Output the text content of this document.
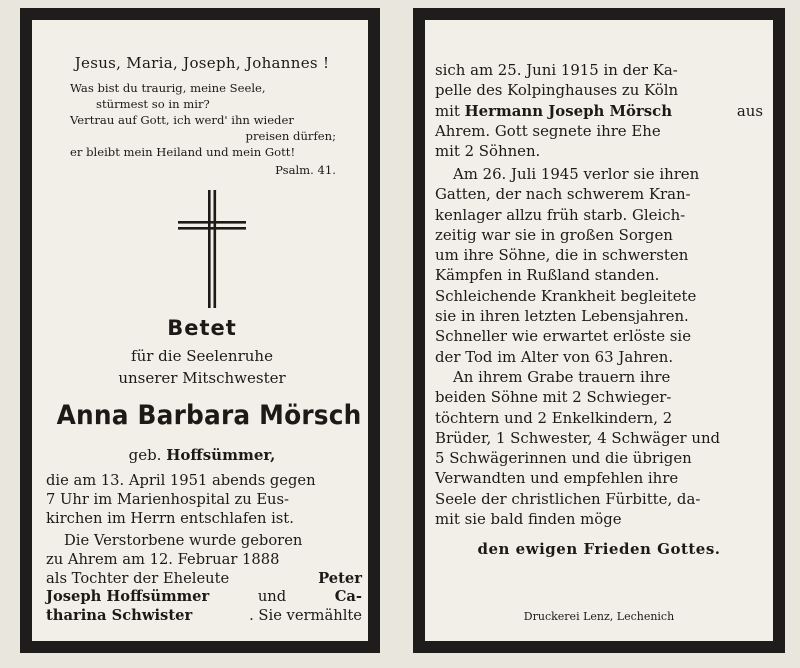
Jesus, Maria, Joseph, Johannes !
Was bist du traurig, meine Seele,
stürmest so in mir?
Vertrau auf Gott, ich werd' ihn wieder
preisen dürfen;
er bleibt mein Heiland und mein Gott!
Psalm. 41.
Betet
für die Seelenruhe
unserer Mitschwester
Anna Barbara Mörsch
geb. Hoffsümmer,
die am 13. April 1951 abends gegen
7 Uhr im Marienhospital zu Eus-
kirchen im Herrn entschlafen ist.
Die Verstorbene wurde geboren
zu Ahrem am 12. Februar 1888
als Tochter der Eheleute	Peter
Joseph Hoffsümmer	und	Ca-
tharina Schwister	. Sie vermählte
sich am 25. Juni 1915 in der Ka-
pelle des Kolpinghauses zu Köln
mit Hermann Joseph Mörsch	aus
Ahrem. Gott segnete ihre Ehe
mit 2 Söhnen.
Am 26. Juli 1945 verlor sie ihren
Gatten, der nach schwerem Kran-
kenlager allzu früh starb. Gleich-
zeitig war sie in großen Sorgen
um ihre Söhne, die in schwersten
Kämpfen in Rußland standen.
Schleichende Krankheit begleitete
sie in ihren letzten Lebensjahren.
Schneller wie erwartet erlöste sie
der Tod im Alter von 63 Jahren.
An ihrem Grabe trauern ihre
beiden Söhne mit 2 Schwieger-
töchtern und 2 Enkelkindern, 2
Brüder, 1 Schwester, 4 Schwäger und
5 Schwägerinnen und die übrigen
Verwandten und empfehlen ihre
Seele der christlichen Fürbitte, da-
mit sie bald finden möge
den ewigen Frieden Gottes.
Druckerei Lenz, Lechenich
